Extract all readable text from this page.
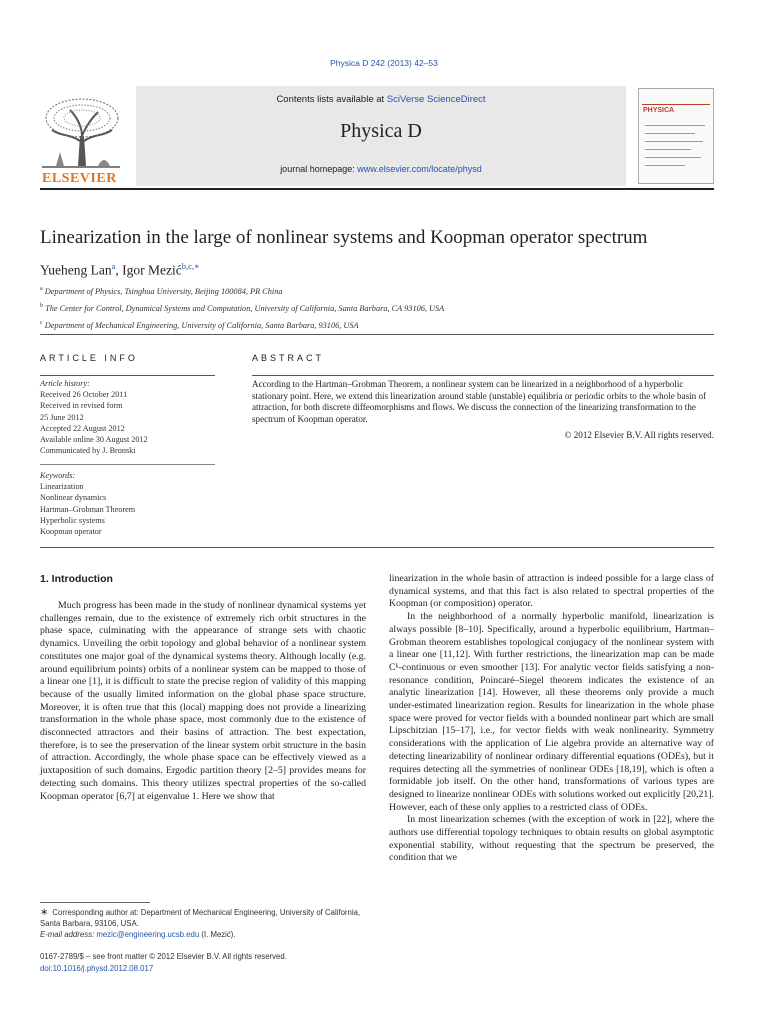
Physica D 242 (2013) 42–53
ELSEVIER
Contents lists available at SciVerse ScienceDirect
Physica D
journal homepage: www.elsevier.com/locate/physd
PHYSICA
Linearization in the large of nonlinear systems and Koopman operator spectrum
Yueheng Lan$^a$, Igor Mezić$^{b,c,∗}$
$^a$ Department of Physics, Tsinghua University, Beijing 100084, PR China
$^b$ The Center for Control, Dynamical Systems and Computation, University of California, Santa Barbara, CA 93106, USA
$^c$ Department of Mechanical Engineering, University of California, Santa Barbara, 93106, USA
ARTICLE INFO	ABSTRACT
Article history:
Received 26 October 2011
Received in revised form
25 June 2012
Accepted 22 August 2012
Available online 30 August 2012
Communicated by J. Bronski
Keywords:
Linearization
Nonlinear dynamics
Hartman–Grobman Theorem
Hyperbolic systems
Koopman operator
According to the Hartman–Grobman Theorem, a nonlinear system can be linearized in a neighborhood of a hyperbolic stationary point. Here, we extend this linearization around stable (unstable) equilibria or periodic orbits to the whole basin of attraction, for both discrete diffeomorphisms and flows. We discuss the connection of the linearizing transformation to the spectrum of Koopman operator.
© 2012 Elsevier B.V. All rights reserved.
1. Introduction

Much progress has been made in the study of nonlinear dynamical systems yet challenges remain, due to the existence of extremely rich orbit structures in the phase space, culminating with the appearance of strange sets with chaotic dynamics. Unveiling the orbit topology and global behavior of a nonlinear system constitutes one major goal of the dynamical systems theory. Although locally (e.g. around equilibrium points) orbits of a nonlinear system can be mapped to those of a linear one [1], it is difficult to state the precise region of validity of this mapping because of the usually limited information on the global phase space structure. Moreover, it is often true that this (local) mapping does not provide a linearizing transformation in the whole phase space, most commonly due to the existence of disconnected attractors and their basins of attraction. The best expectation, therefore, is to see the preservation of the linear system orbit structure in the basin of attraction. Accordingly, the whole phase space can be effectively viewed as a juxtaposition of such domains. Ergodic partition theory [2–5] provides means for detecting such domains. This theory utilizes spectral properties of the so-called Koopman operator [6,7] at eigenvalue 1. Here we show that

linearization in the whole basin of attraction is indeed possible for a large class of dynamical systems, and that this fact is also related to spectral properties of the Koopman (or composition) operator.

In the neighborhood of a normally hyperbolic manifold, linearization is always possible [8–10]. Specifically, around a hyperbolic equilibrium, Hartman–Grobman theorem establishes topological conjugacy of the nonlinear system with a linear one [11,12]. With further restrictions, the linearization map can be made Cᵏ-continuous or even smoother [13]. For analytic vector fields satisfying a non-resonance condition, Poincaré–Siegel theorem indicates the existence of an analytic linearization [14]. However, all these theorems only provide a much under-estimated linearization region. Results for linearization in the whole phase space were proved for vector fields with a bounded nonlinear part which are small Lipschitzian [15–17], i.e., for vector fields with weak nonlinearity. Symmetry considerations with the application of Lie algebra provide an alternative way of detecting linearizability of nonlinear ordinary differential equations (ODEs), but it requires detecting all the symmetries of nonlinear ODEs [18,19], which is often a formidable job itself. On the other hand, transformations of various types are designed to linearize nonlinear ODEs with solutions worked out explicitly [20,21]. However, each of these only applies to a restricted class of ODEs.

In most linearization schemes (with the exception of work in [22], where the authors use differential topology techniques to obtain results on global asymptotic exponential stability, without requesting that the spectrum be preserved, the condition that we

∗ Corresponding author at: Department of Mechanical Engineering, University of California, Santa Barbara, 93106, USA.
E-mail address: mezic@engineering.ucsb.edu (I. Mezić).
0167-2789/$ – see front matter © 2012 Elsevier B.V. All rights reserved.
doi:10.1016/j.physd.2012.08.017
